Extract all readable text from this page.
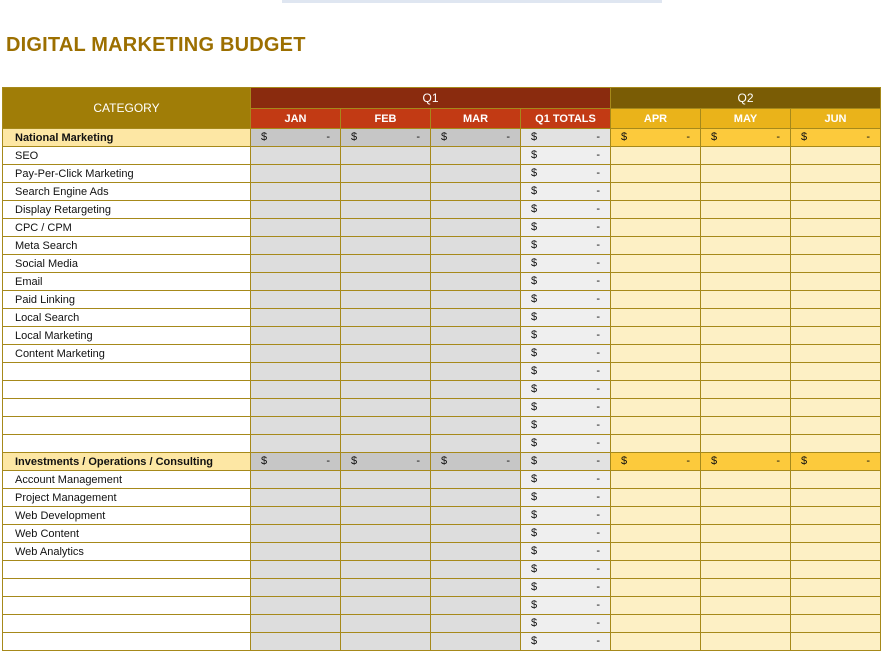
DIGITAL MARKETING BUDGET
CATEGORY	Q1				Q2		
	JAN	FEB	MAR	Q1 TOTALS	APR	MAY	JUN
National Marketing	$ -	$ -	$ -	$ -	$ -	$ -	$ -

SEO				$ -			

Pay-Per-Click Marketing				$ -			

Search Engine Ads				$ -			

Display Retargeting				$ -			

CPC / CPM				$ -			

Meta Search				$ -			

Social Media				$ -			

Email				$ -			

Paid Linking				$ -			

Local Search				$ -			

Local Marketing				$ -			

Content Marketing				$ -			

				$ -			

				$ -			

				$ -			

				$ -			

				$ -			

Investments / Operations / Consulting	$ -	$ -	$ -	$ -	$ -	$ -	$ -

Account Management				$ -			

Project Management				$ -			

Web Development				$ -			

Web Content				$ -			

Web Analytics				$ -			

				$ -			

				$ -			

				$ -			

				$ -			

				$ -			
